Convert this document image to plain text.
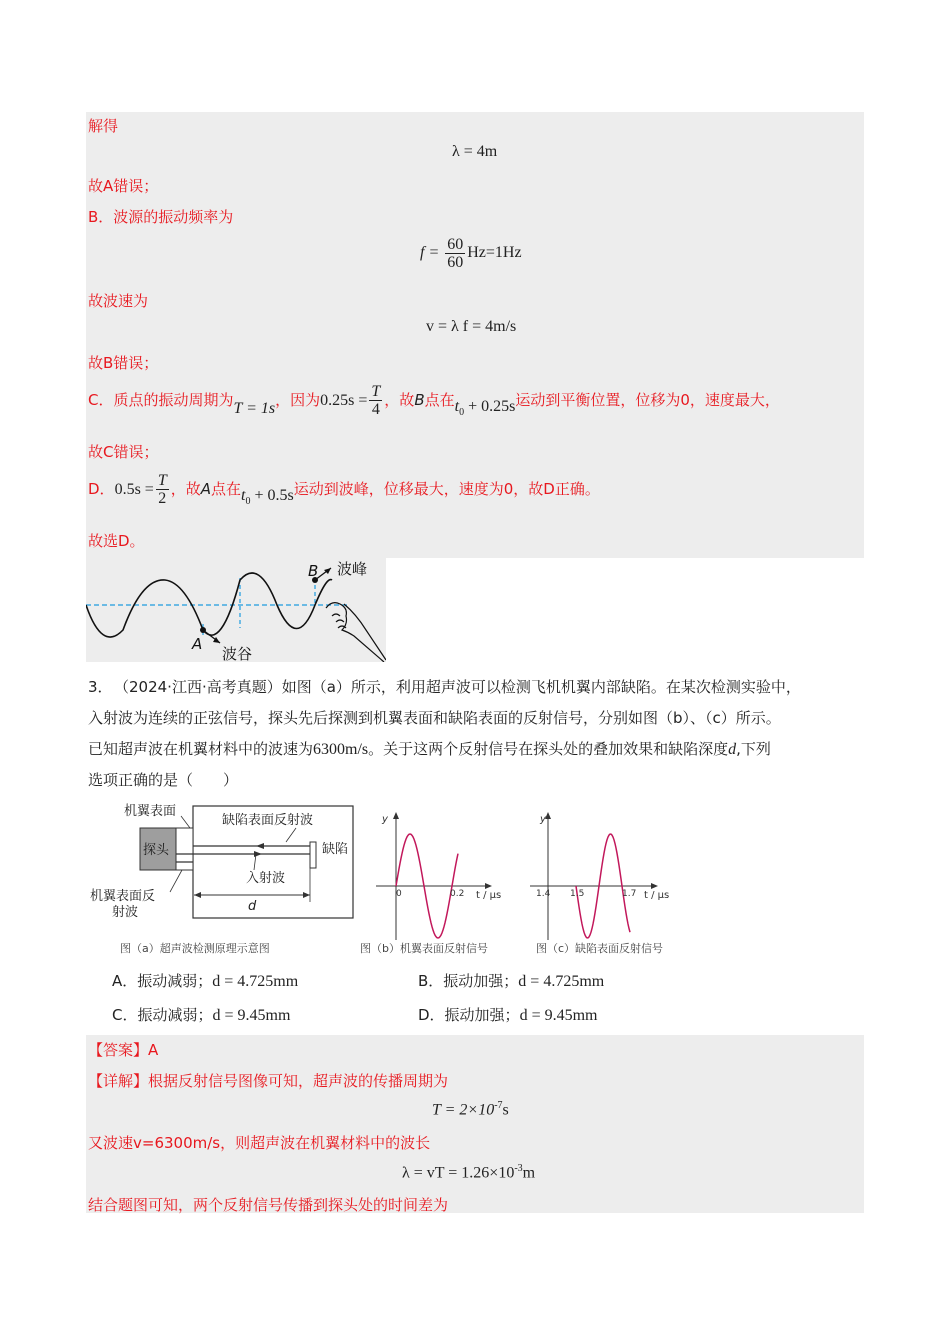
解得
λ = 4m
故A错误；
B．波源的振动频率为
$f = \frac{60}{60} Hz=1Hz$
故波速为
v = λ f = 4m/s
故B错误；
C．质点的振动周期为T = 1s，因为$0.25s = \frac{T}{4}$ ，故B点在$t_0 + 0.25s$运动到平衡位置，位移为0，速度最大，
故C错误；
D．$0.5s = \frac{T}{2}$ ，故A点在$t_0 + 0.5s$运动到波峰，位移最大，速度为0，故D正确。
故选D。
B 波峰
A
波谷
3． （2024·江西·高考真题）如图（a）所示，利用超声波可以检测飞机机翼内部缺陷。在某次检测实验中，
入射波为连续的正弦信号，探头先后探测到机翼表面和缺陷表面的反射信号，分别如图（b）、（c）所示。
已知超声波在机翼材料中的波速为6300m/s。关于这两个反射信号在探头处的叠加效果和缺陷深度d,下列
选项正确的是（　　）
机翼表面
缺陷表面反射波
探头	缺陷
入射波
机翼表面反
射波	d
图（a）超声波检测原理示意图
y
0	0.2 t / μs
图（b）机翼表面反射信号
y
1.4 1.5	1.7 t / μs
图（c）缺陷表面反射信号
A．振动减弱；d = 4.725mm	B．振动加强；d = 4.725mm
C．振动减弱；d = 9.45mm	D．振动加强；d = 9.45mm
【答案】A
【详解】根据反射信号图像可知，超声波的传播周期为
$T = 2\times 10^{-7}s$
又波速v=6300m/s，则超声波在机翼材料中的波长
λ = vT = $1.26\times 10^{-3}m$
结合题图可知，两个反射信号传播到探头处的时间差为
